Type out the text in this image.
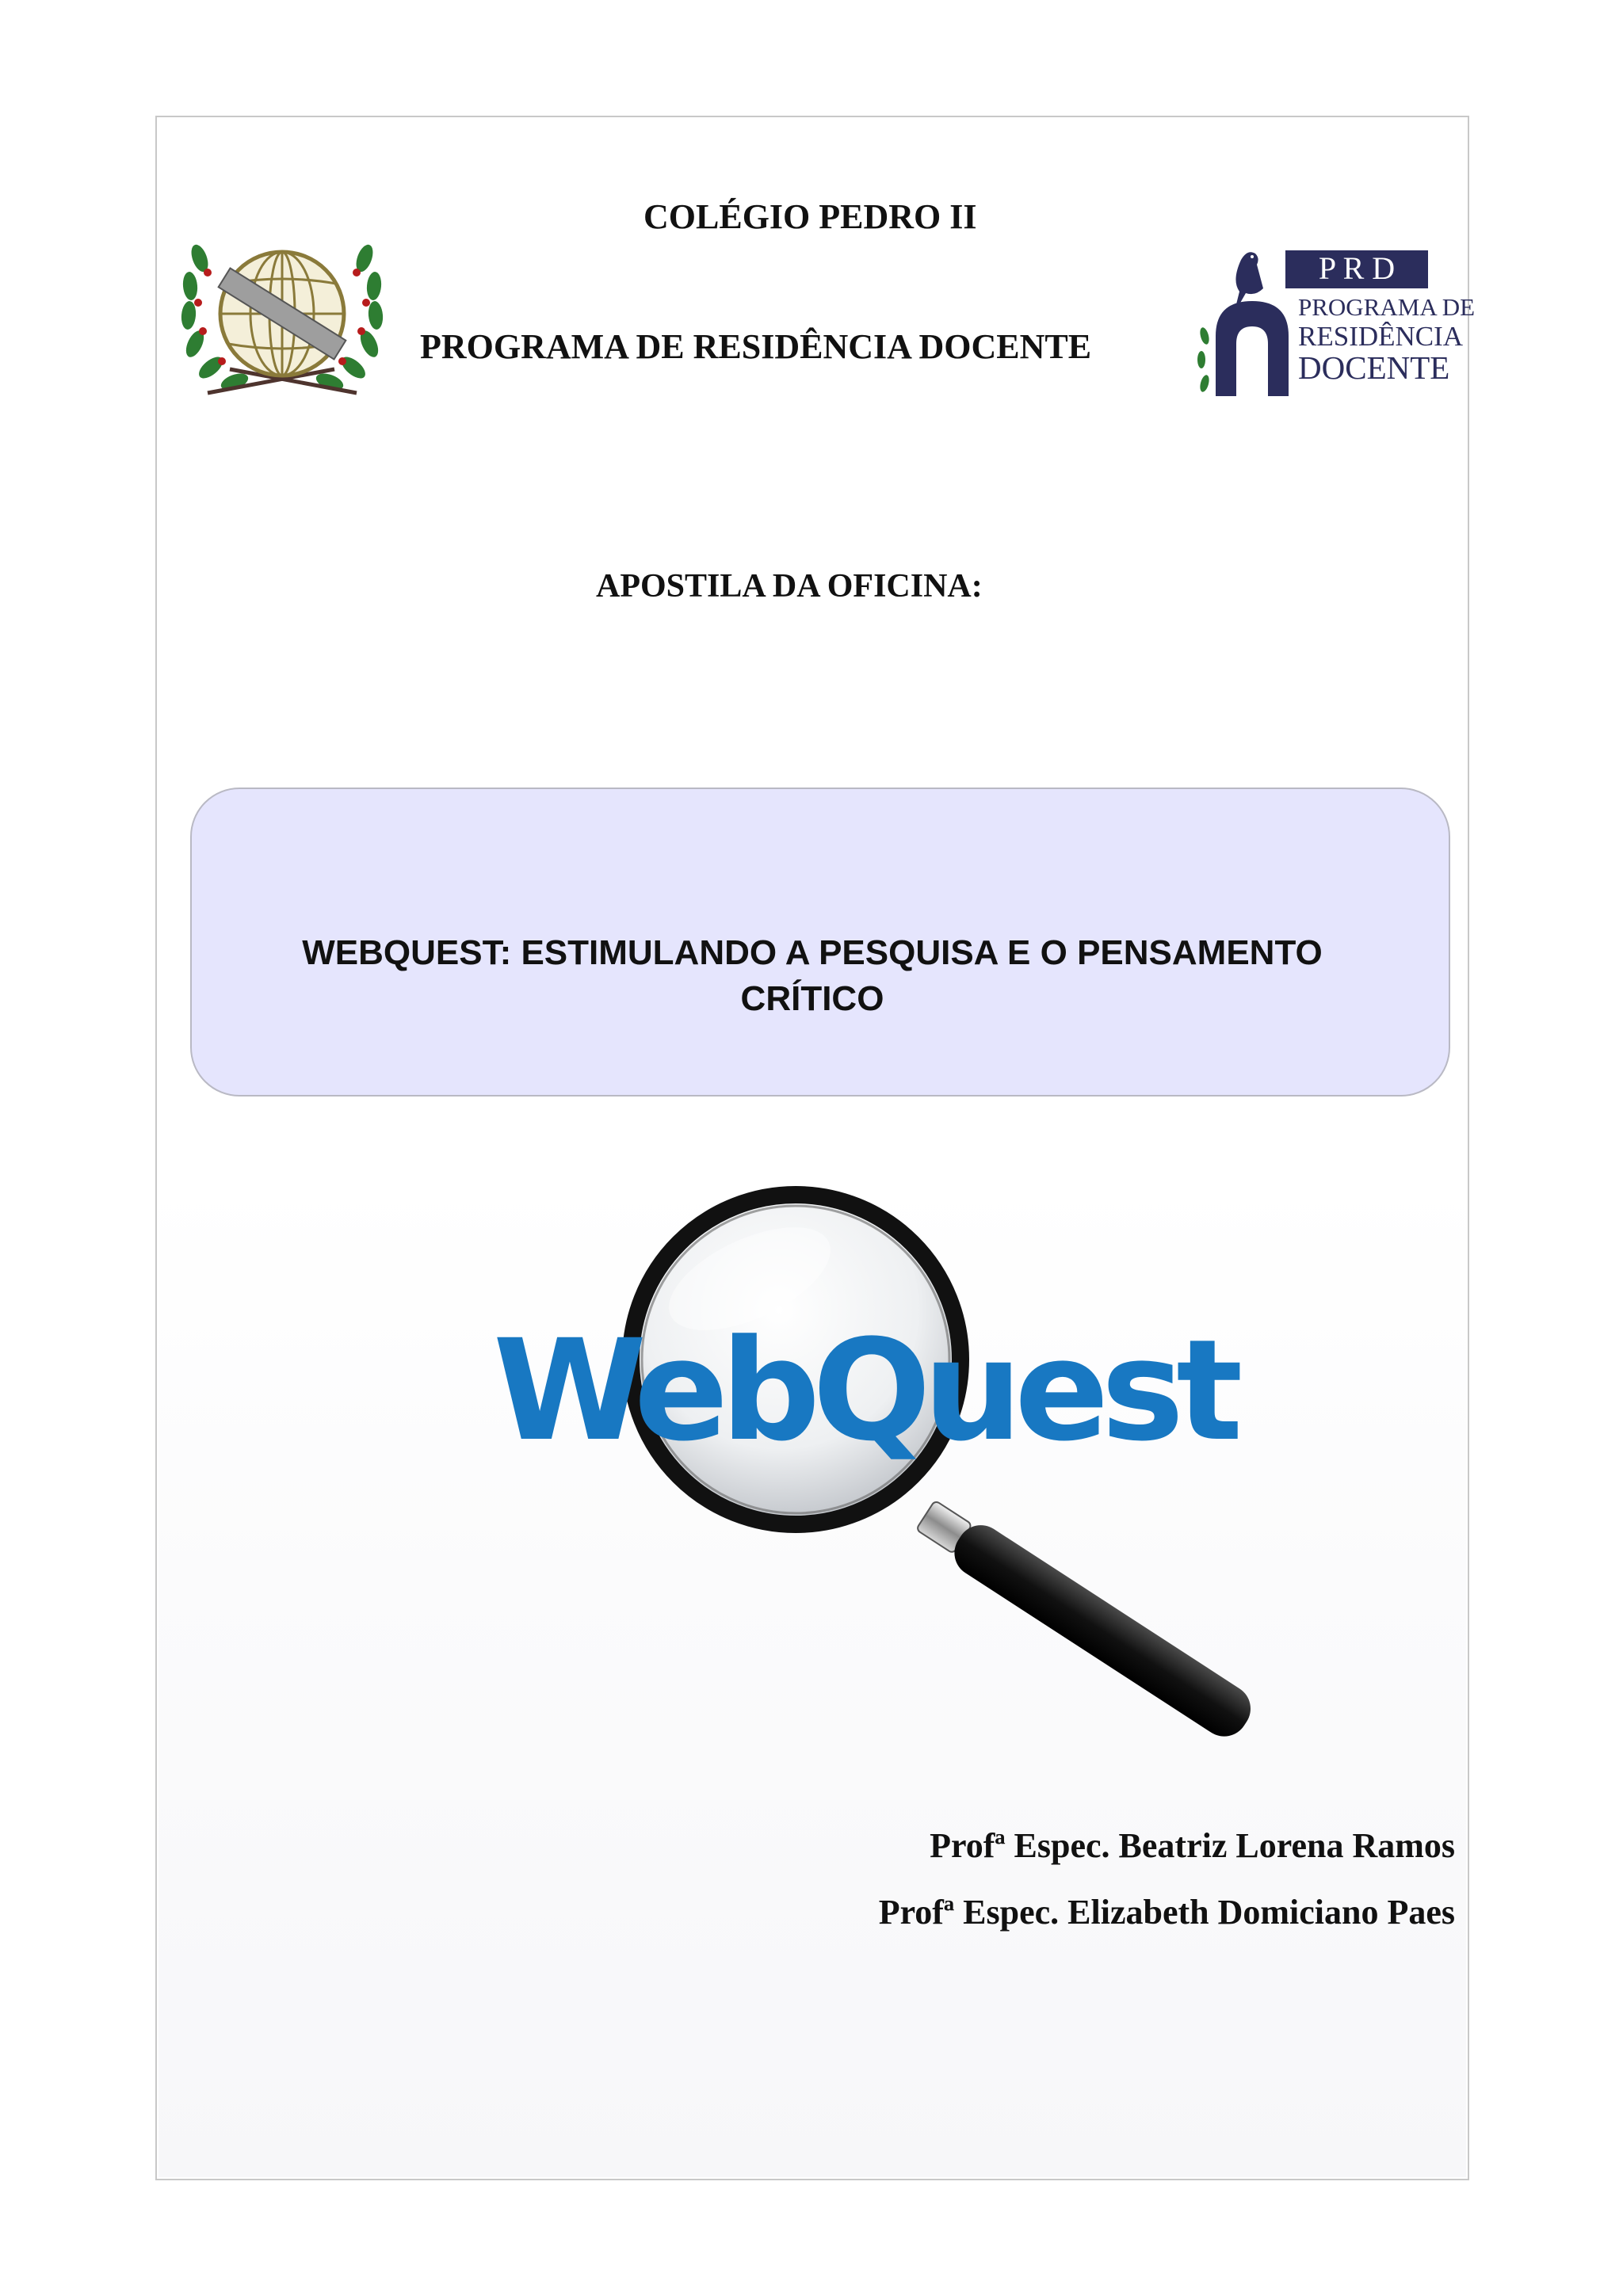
COLÉGIO PEDRO II
PROGRAMA DE RESIDÊNCIA DOCENTE
P R D
PROGRAMA DE
RESIDÊNCIA
DOCENTE
APOSTILA DA OFICINA:
WEBQUEST: ESTIMULANDO A PESQUISA E O PENSAMENTO
CRÍTICO
WebQuest
Profª Espec. Beatriz Lorena Ramos
Profª Espec. Elizabeth Domiciano Paes
